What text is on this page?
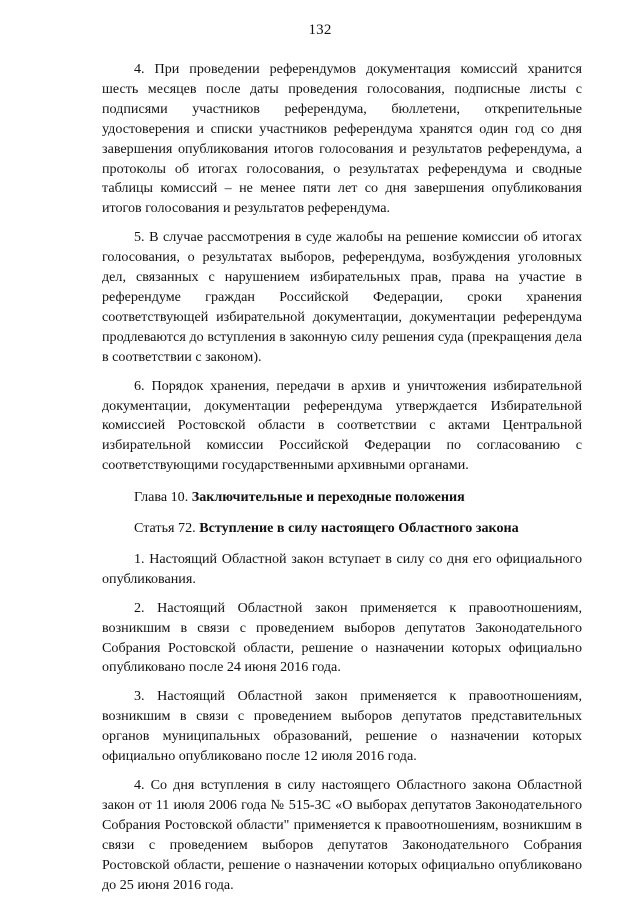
132

4. При проведении референдумов документация комиссий хранится шесть месяцев после даты проведения голосования, подписные листы с подписями участников референдума, бюллетени, открепительные удостоверения и списки участников референдума хранятся один год со дня завершения опубликования итогов голосования и результатов референдума, а протоколы об итогах голосования, о результатах референдума и сводные таблицы комиссий – не менее пяти лет со дня завершения опубликования итогов голосования и результатов референдума.

5. В случае рассмотрения в суде жалобы на решение комиссии об итогах голосования, о результатах выборов, референдума, возбуждения уголовных дел, связанных с нарушением избирательных прав, права на участие в референдуме граждан Российской Федерации, сроки хранения соответствующей избирательной документации, документации референдума продлеваются до вступления в законную силу решения суда (прекращения дела в соответствии с законом).

6. Порядок хранения, передачи в архив и уничтожения избирательной документации, документации референдума утверждается Избирательной комиссией Ростовской области в соответствии с актами Центральной избирательной комиссии Российской Федерации по согласованию с соответствующими государственными архивными органами.

Глава 10. Заключительные и переходные положения

Статья 72. Вступление в силу настоящего Областного закона

1. Настоящий Областной закон вступает в силу со дня его официального опубликования.

2. Настоящий Областной закон применяется к правоотношениям, возникшим в связи с проведением выборов депутатов Законодательного Собрания Ростовской области, решение о назначении которых официально опубликовано после 24 июня 2016 года.

3. Настоящий Областной закон применяется к правоотношениям, возникшим в связи с проведением выборов депутатов представительных органов муниципальных образований, решение о назначении которых официально опубликовано после 12 июля 2016 года.

4. Со дня вступления в силу настоящего Областного закона Областной закон от 11 июля 2006 года № 515-ЗС «О выборах депутатов Законодательного Собрания Ростовской области" применяется к правоотношениям, возникшим в связи с проведением выборов депутатов Законодательного Собрания Ростовской области, решение о назначении которых официально опубликовано до 25 июня 2016 года.
